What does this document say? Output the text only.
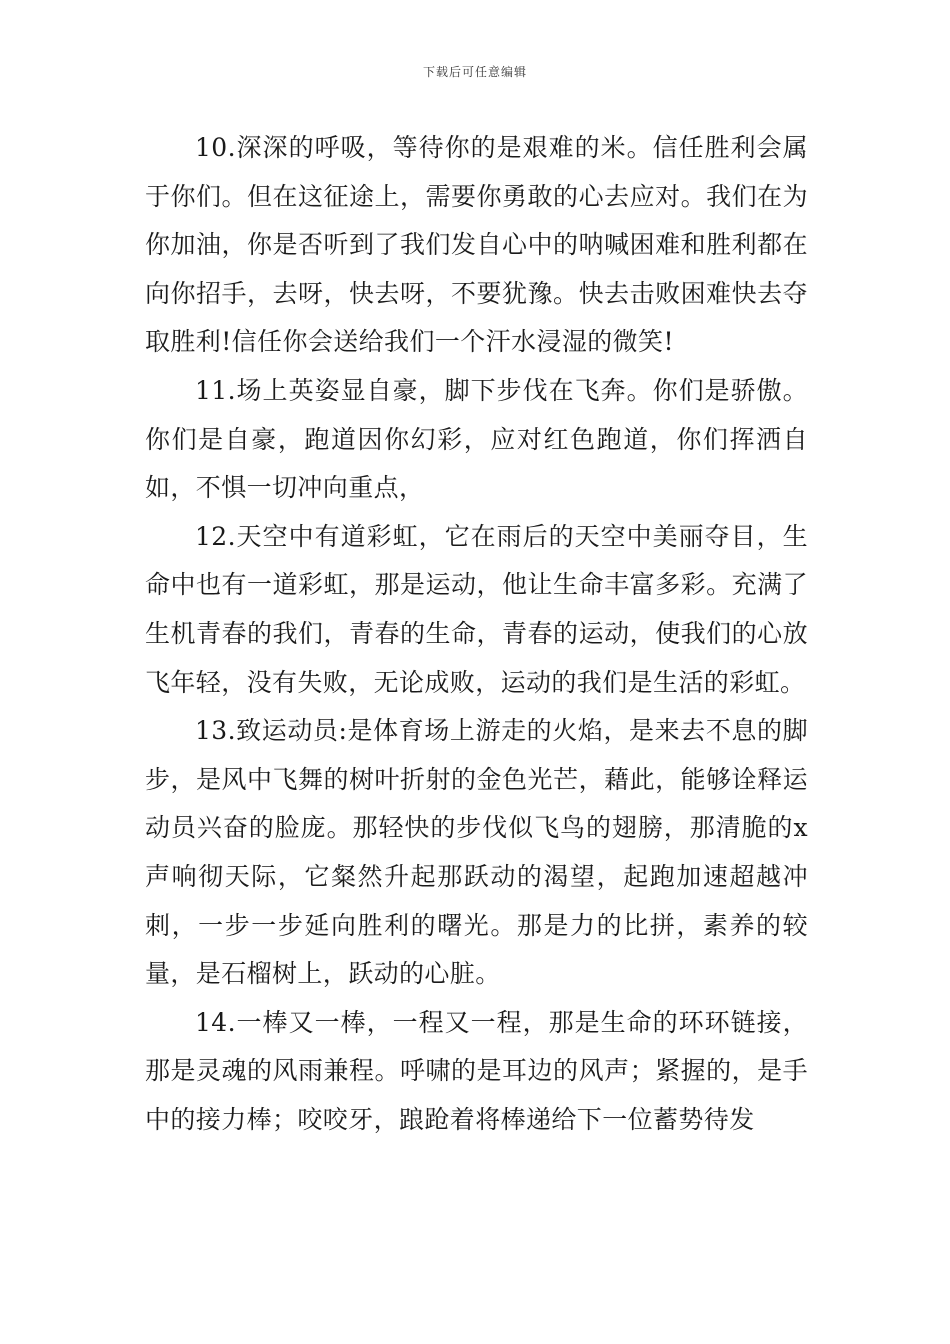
下载后可任意编辑

10.深深的呼吸，等待你的是艰难的米。信任胜利会属于你们。但在这征途上，需要你勇敢的心去应对。我们在为你加油，你是否听到了我们发自心中的呐喊困难和胜利都在向你招手，去呀，快去呀，不要犹豫。快去击败困难快去夺取胜利!信任你会送给我们一个汗水浸湿的微笑!

11.场上英姿显自豪，脚下步伐在飞奔。你们是骄傲。你们是自豪，跑道因你幻彩，应对红色跑道，你们挥洒自如，不惧一切冲向重点，

12.天空中有道彩虹，它在雨后的天空中美丽夺目，生命中也有一道彩虹，那是运动，他让生命丰富多彩。充满了生机青春的我们，青春的生命，青春的运动，使我们的心放飞年轻，没有失败，无论成败，运动的我们是生活的彩虹。

13.致运动员:是体育场上游走的火焰，是来去不息的脚步，是风中飞舞的树叶折射的金色光芒，藉此，能够诠释运动员兴奋的脸庞。那轻快的步伐似飞鸟的翅膀，那清脆的x声响彻天际，它粲然升起那跃动的渴望，起跑加速超越冲刺，一步一步延向胜利的曙光。那是力的比拼，素养的较量，是石榴树上，跃动的心脏。

14.一棒又一棒，一程又一程，那是生命的环环链接，那是灵魂的风雨兼程。呼啸的是耳边的风声；紧握的，是手中的接力棒；咬咬牙，踉跄着将棒递给下一位蓄势待发
